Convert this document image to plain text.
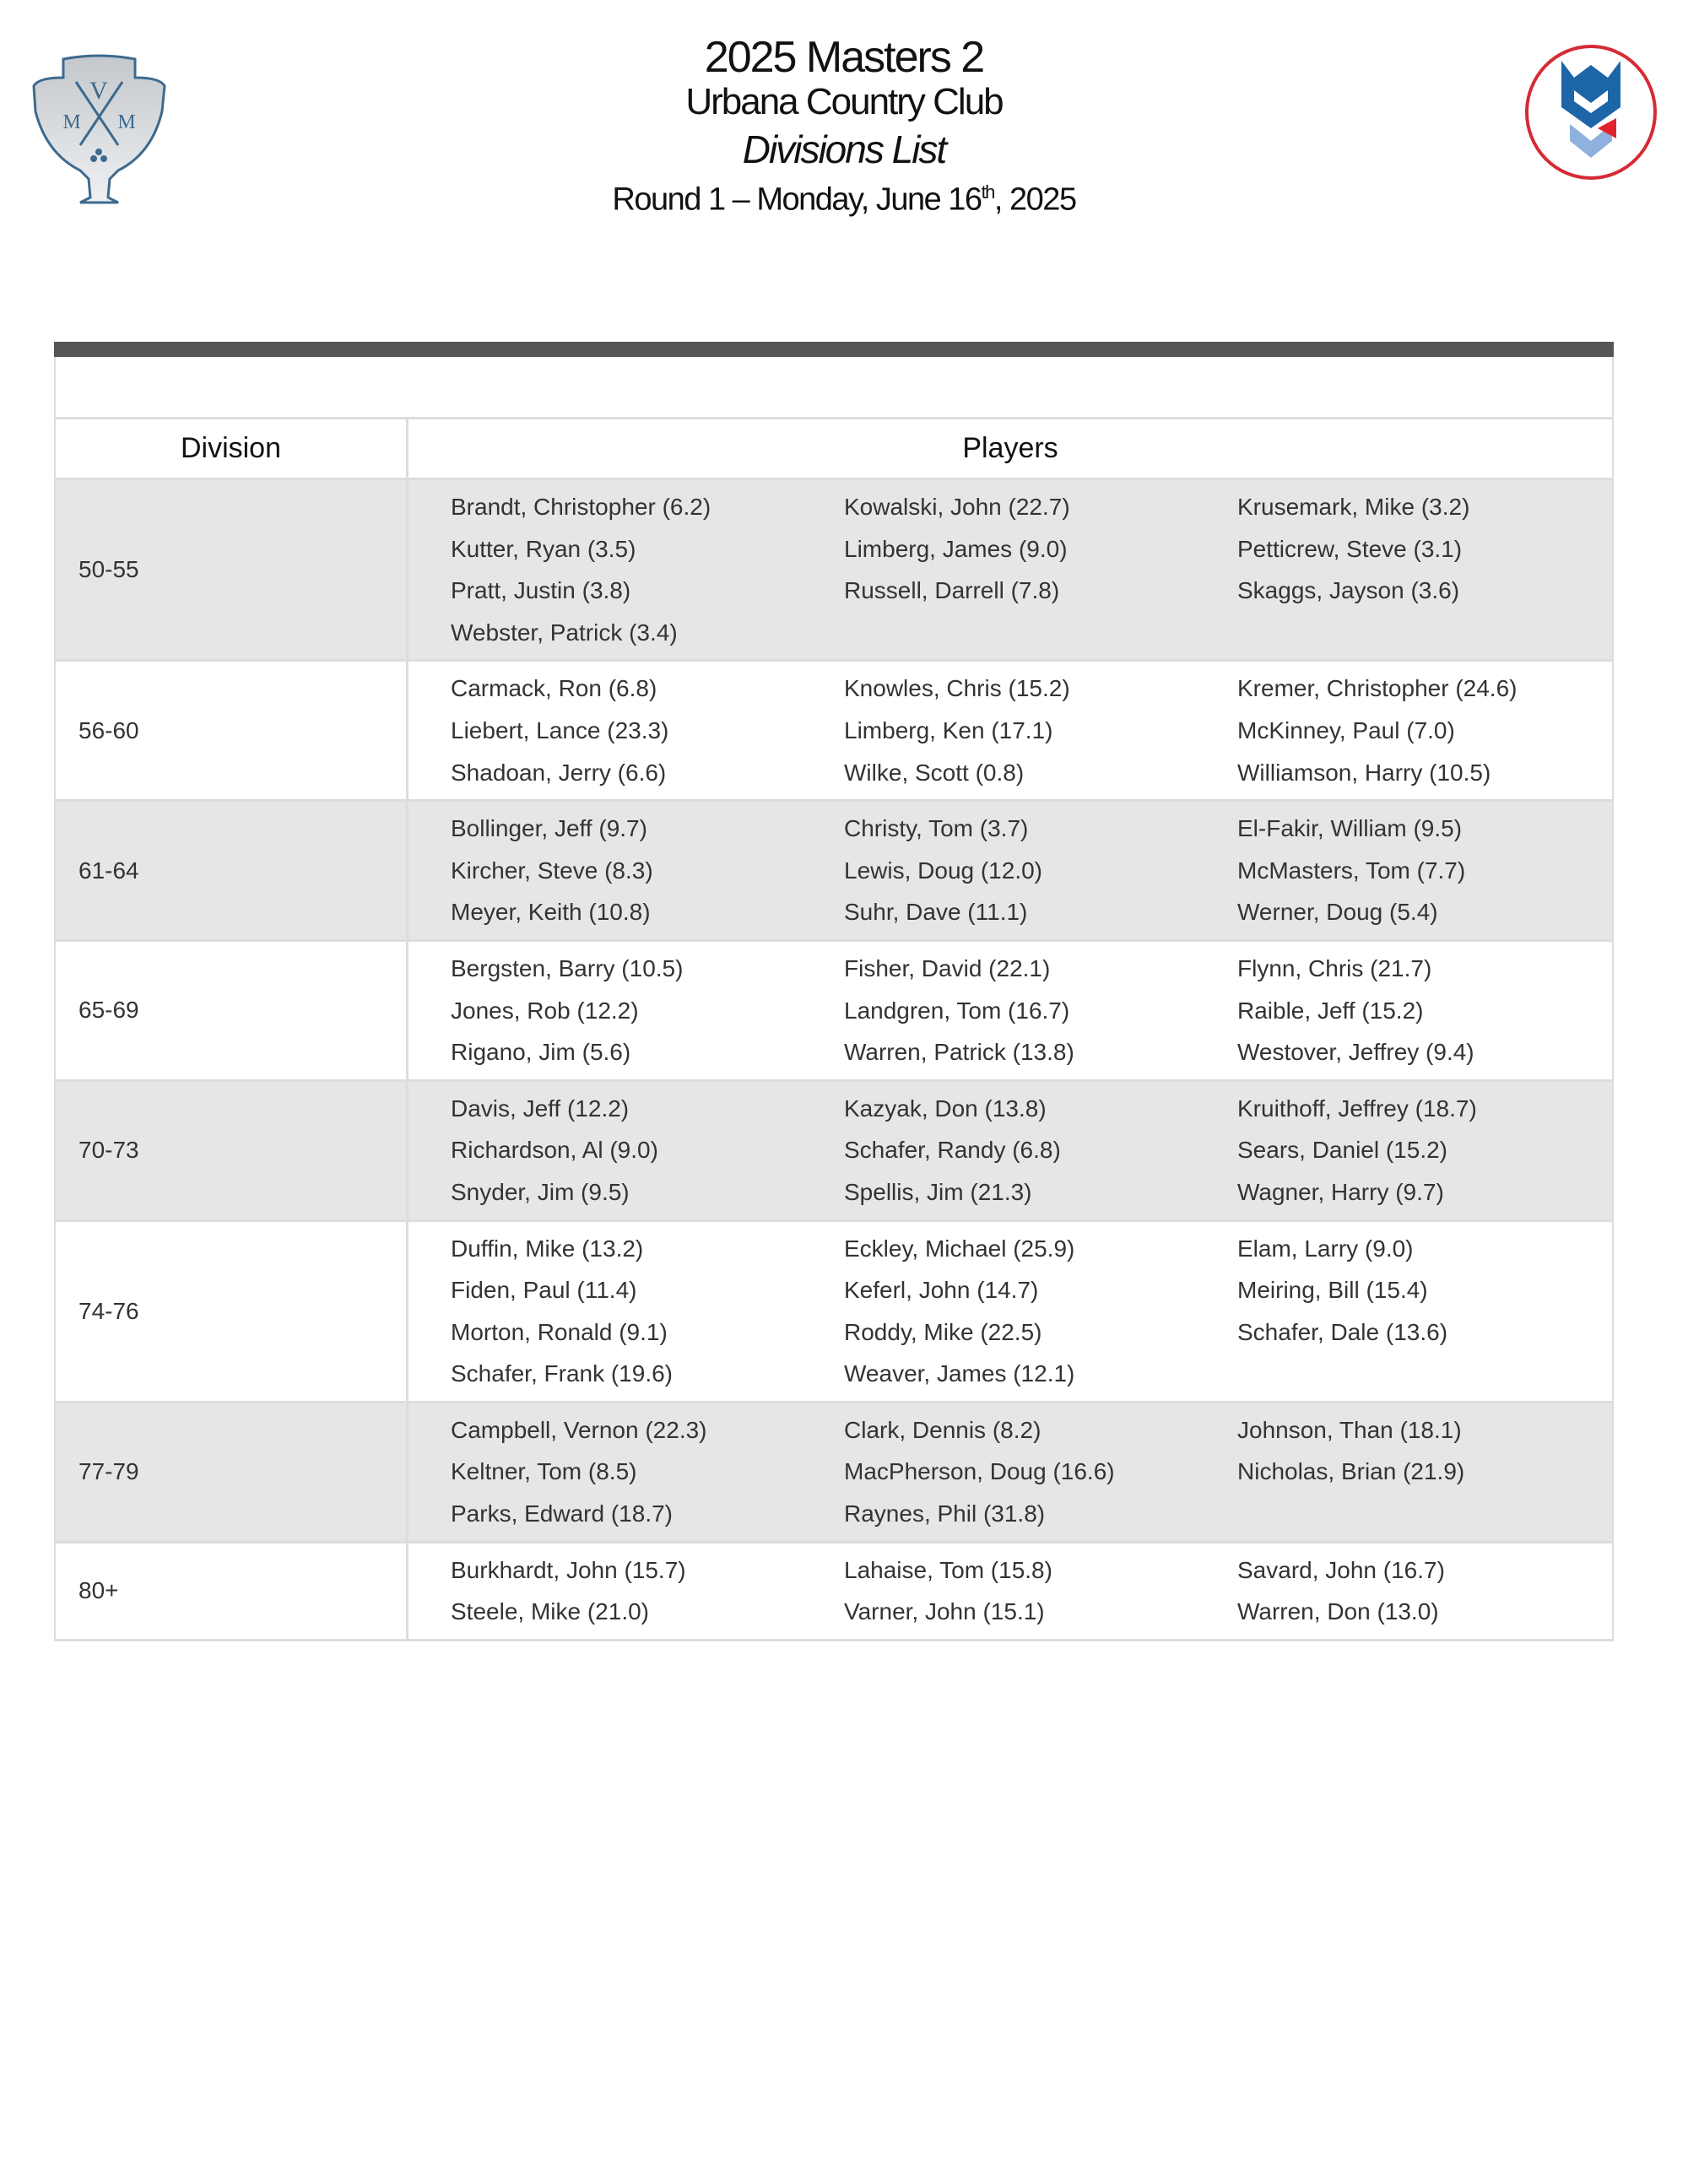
V
M M
2025 Masters 2
Urbana Country Club
Divisions List
Round 1 – Monday, June 16th, 2025
Division	Players
50-55
Brandt, Christopher (6.2)	Kowalski, John (22.7)	Krusemark, Mike (3.2)
Kutter, Ryan (3.5)	Limberg, James (9.0)	Petticrew, Steve (3.1)
Pratt, Justin (3.8)	Russell, Darrell (7.8)	Skaggs, Jayson (3.6)
Webster, Patrick (3.4)
56-60
Carmack, Ron (6.8)	Knowles, Chris (15.2)	Kremer, Christopher (24.6)
Liebert, Lance (23.3)	Limberg, Ken (17.1)	McKinney, Paul (7.0)
Shadoan, Jerry (6.6)	Wilke, Scott (0.8)	Williamson, Harry (10.5)
61-64
Bollinger, Jeff (9.7)	Christy, Tom (3.7)	El-Fakir, William (9.5)
Kircher, Steve (8.3)	Lewis, Doug (12.0)	McMasters, Tom (7.7)
Meyer, Keith (10.8)	Suhr, Dave (11.1)	Werner, Doug (5.4)
65-69
Bergsten, Barry (10.5)	Fisher, David (22.1)	Flynn, Chris (21.7)
Jones, Rob (12.2)	Landgren, Tom (16.7)	Raible, Jeff (15.2)
Rigano, Jim (5.6)	Warren, Patrick (13.8)	Westover, Jeffrey (9.4)
70-73
Davis, Jeff (12.2)	Kazyak, Don (13.8)	Kruithoff, Jeffrey (18.7)
Richardson, Al (9.0)	Schafer, Randy (6.8)	Sears, Daniel (15.2)
Snyder, Jim (9.5)	Spellis, Jim (21.3)	Wagner, Harry (9.7)
74-76
Duffin, Mike (13.2)	Eckley, Michael (25.9)	Elam, Larry (9.0)
Fiden, Paul (11.4)	Keferl, John (14.7)	Meiring, Bill (15.4)
Morton, Ronald (9.1)	Roddy, Mike (22.5)	Schafer, Dale (13.6)
Schafer, Frank (19.6)	Weaver, James (12.1)
77-79
Campbell, Vernon (22.3)	Clark, Dennis (8.2)	Johnson, Than (18.1)
Keltner, Tom (8.5)	MacPherson, Doug (16.6)	Nicholas, Brian (21.9)
Parks, Edward (18.7)	Raynes, Phil (31.8)
80+
Burkhardt, John (15.7)	Lahaise, Tom (15.8)	Savard, John (16.7)
Steele, Mike (21.0)	Varner, John (15.1)	Warren, Don (13.0)
